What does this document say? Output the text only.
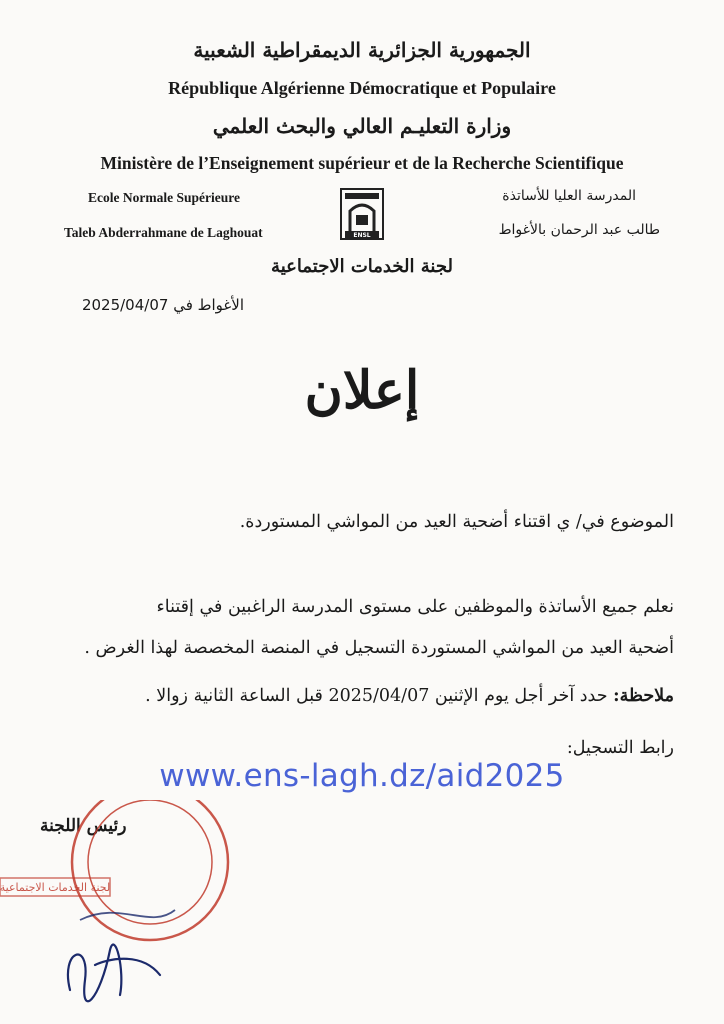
الجمهورية الجزائرية الديمقراطية الشعبية
République Algérienne Démocratique et Populaire
وزارة التعليـم العالي والبحث العلمي
Ministère de l’Enseignement supérieur et de la Recherche Scientifique
Ecole Normale Supérieure
Taleb Abderrahmane de Laghouat
المدرسة العليا للأساتذة
طالب عبد الرحمان بالأغواط
ENSL
لجنة الخدمات الاجتماعية
الأغواط في 2025/04/07
إعلان
الموضوع في/ ي اقتناء أضحية العيد من المواشي المستوردة.
نعلم جميع الأساتذة والموظفين على مستوى المدرسة الراغبين في إقتناء
أضحية العيد من المواشي المستوردة التسجيل في المنصة المخصصة لهذا الغرض .
ملاحظة: حدد آخر أجل يوم الإثنين 2025/04/07 قبل الساعة الثانية زوالا .
رابط التسجيل:
www.ens-lagh.dz/aid2025
رئيس اللجنة
لجنة الخدمات الاجتماعية
